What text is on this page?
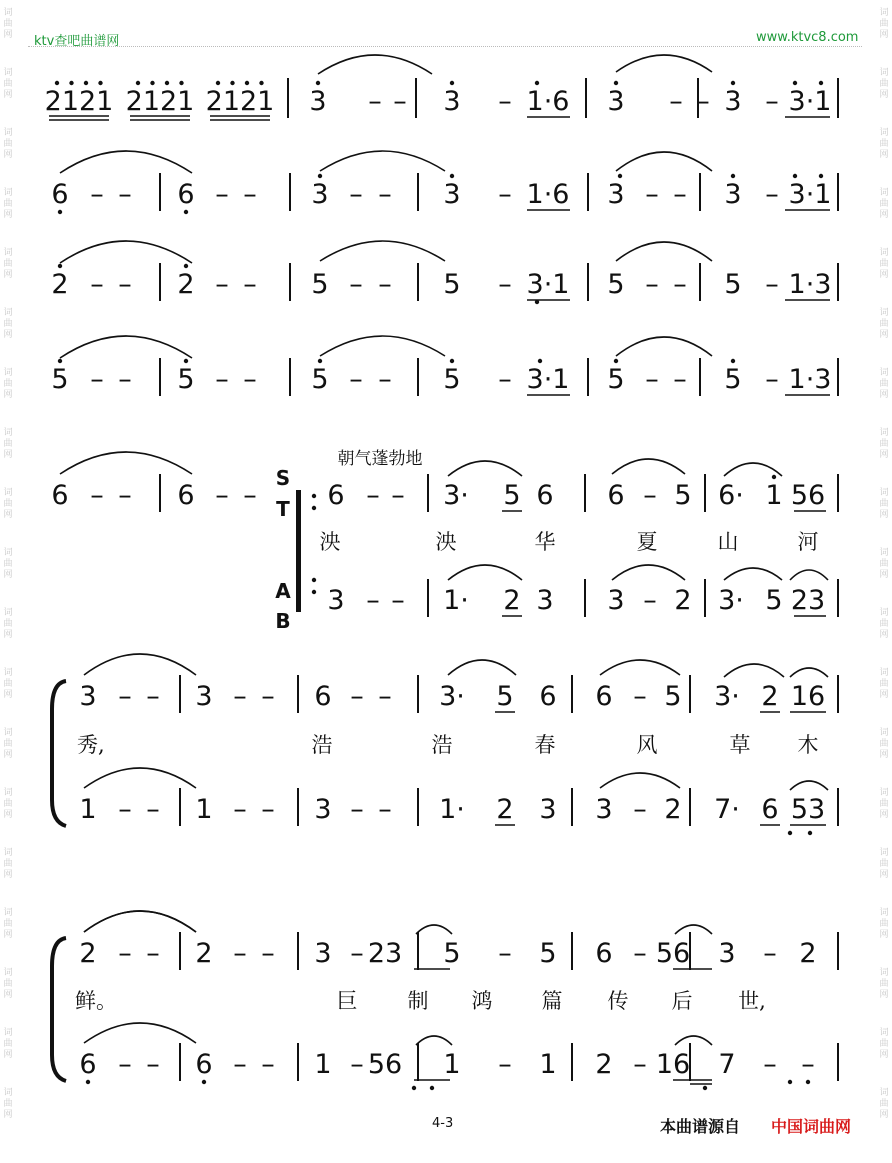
词
曲
网
词
曲
网
词
曲
网
词
曲
网
词
曲
网
词
曲
网
词
曲
网
词
曲
网
词
曲
网
词
曲
网
词
曲
网
词
曲
网
词
曲
网
词
曲
网
词
曲
网
词
曲
网
词
曲
网
词
曲
网
词
曲
网
词
曲
网
词
曲
网
词
曲
网
词
曲
网
词
曲
网
词
曲
网
词
曲
网
词
曲
网
词
曲
网
词
曲
网
词
曲
网
词
曲
网
词
曲
网
词
曲
网
词
曲
网
词
曲
网
词
曲
网
词
曲
网
词
曲
网
ktv查吧曲谱网	www.ktvc8.com
2121 2121 2121 3 – – 3 – 1·6 3 – – 3 – 3·1
6 – – 6 – – 3 – – 3 – 1·6 3 – – 3 – 3·1
2 – – 2 – – 5 – – 5 – 3·1 5 – – 5 – 1·3
5 – – 5 – – 5 – – 5 – 3·1 5 – – 5 – 1·3
6 – – 6 – –
朝气蓬勃地
S
T
A
B
6 – – 3· 5 6 6 – 5 6· 1 56
3 – – 1· 2 3 3 – 2 3· 5 23
泱	泱	华	夏	山	河
3 – – 3 – – 6 – – 3· 5 6 6 – 5 3· 2 16
1 – – 1 – – 3 – – 1· 2 3 3 – 2 7· 6 53
秀,	浩	浩	春	风	草 木
2 – – 2 – – 3 – 23 5 – 5 6 – 56 3 – 2
6 – – 6 – – 1 – 56 1 – 1 2 – 16 7 – –
鲜。	巨 制 鸿 篇 传 后 世,
4-3	本曲谱源自 中国词曲网
